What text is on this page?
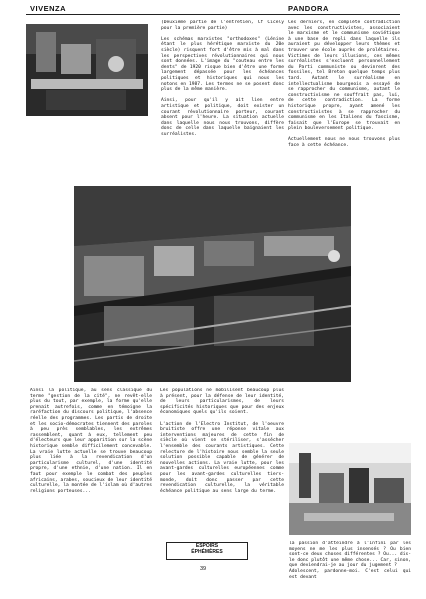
VIVENZA	PANDORA
(Deuxième partie de l'entretien, Cf Cicely pour la première partie)

Les schémas marxistes "orthodoxes" (Lénine étant le plus hérétique marxiste du 20e siècle) risquent fort d'être mis à mal dans les perspectives révolutionnaires qui nous sont données. L'image du "couteau entre les dents" de 1920 risque bien d'être une forme largement dépassée pour les échéances politiques et historiques qui nous les notons en 1987. Les termes ne se posent donc plus de la même manière.

Ainsi, pour qu'il y ait lien entre artistique et politique, doit exister un courant révolutionnaire porteur, courant absent pour l'heure. La situation actuelle dans laquelle nous nous trouvons, diffère donc de celle dans laquelle baignaient les surréalistes.
Ces derniers, en complète contradiction avec les constructivistes, associaient le marxisme et le communisme soviétique à une base de repli dans laquelle ils auraient pu développer leurs thèmes et trouver une école auprès de prolétaires. Victimes de leurs illusions, ces mêmes surréalistes s'excluent personnellement du Parti communiste ou devinrent des fossiles, tel Breton quelque temps plus tard. Autant le surréalisme en intellectualisme bourgeois a essayé de se rapprocher du communisme, autant le constructivisme ne souffrait pas, lui, de cette contradiction. La forme historique propre, ayant amené les constructivistes à se rapprocher du communisme en les Italiens du fascisme, faisait que l'Europe se trouvait en plein bouleversement politique.

Actuellement nous ne nous trouvons plus face à cette échéance.
Ainsi la politique, au sens classique du terme "gestion de la cité", ne revêt-elle plus du tout, par exemple, la forme qu'elle prenait autrefois, comme en témoigne la raréfaction du discours politique, l'absence réelle des programmes. Les partis de droite et les socio-démocrates tiennent des paroles à peu près semblables, les extrêmes rassemblent, quant à eux, tellement peu d'électeurs que leur apparition sur la scène historique semble difficilement concevable. La vraie lutte actuelle se trouve beaucoup plus liée à la revendication d'un particularisme culturel, d'une identité propre, d'une ethnie, d'une nation. Il en faut pour exemple le combat des peuples africains, arabes, soucieux de leur identité culturelle, la montée de l'islam où d'autres religions porteuses...
Les populations ne mobilisent beaucoup plus à présent, pour la défense de leur identité, de leurs particularismes, de leurs spécificités historiques que pour des enjeux économiques quels qu'ils soient.

L'action de l'Electro Institut, de l'oeuvre bruitiste offre une réponse vitale aux interventions majeures de cette fin de siècle où vient se stériliser, s'assécher l'ensemble des courants artistiques. Cette relecture de l'histoire nous semble la seule solution possible capable de générer de nouvelles actions. La vraie lutte, pour les avant-gardes culturelles européennes comme pour les avant-gardes culturelles tiers-monde, doit donc passer par cette revendication culturelle, la véritable échéance politique au sens large du terme.
la passion d'atteindre à l'infini par les moyens ne me les plus insensés ? Ou bien sont-ce deux choses différentes ? Ou... dis-le donc plutôt une même chose... Car, sinon, que deviendrai-je au jour du jugement ?
Adolescent, pardonne-moi. C'est celui qui est devant
ESPOIRS
ÉPHÉMÈRES
39
